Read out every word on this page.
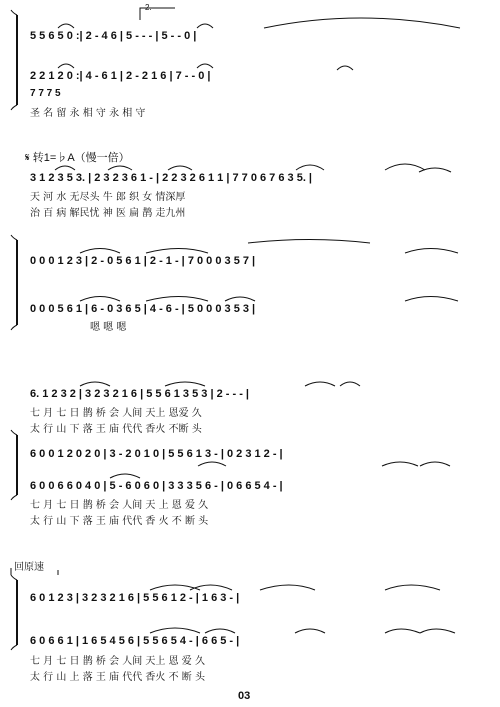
5 5 6 5 0 :| 2 - 4 6 | 5 - - - | 5 - - 0 |
2 2 1 2 0 :| 4 - 6 1 | 2 - 2 1 6 | 7 - - 0 |
7 7 7 5
圣 名 留 永 相 守 永 相 守
2.
𝄋 转1=♭A（慢一倍）
3 1 2 3 5 3. | 2 3 2 3 6 1 - | 2 2 3 2 6 1 1 | 7 7 0 6 7 6 3 5. |
天 河 水 无尽头 牛 郎 织 女 情深厚
治 百 病 解民忧 神 医 扁 鹊 走九州
0 0 0 1 2 3 | 2 - 0 5 6 1 | 2 - 1 - | 7 0 0 0 3 5 7 |
0 0 0 5 6 1 | 6 - 0 3 6 5 | 4 - 6 - | 5 0 0 0 3 5 3 |
嗯 嗯 嗯
6. 1 2 3 2 | 3 2 3 2 1 6 | 5 5 6 1 3 5 3 | 2 - - - |
七 月 七 日 鹊 桥 会 人间 天上 恩爱 久
太 行 山 下 落 王 庙 代代 香火 不断 头
6 0 0 1 2 0 2 0 | 3 - 2 0 1 0 | 5 5 6 1 3 - | 0 2 3 1 2 - |
6 0 0 6 6 0 4 0 | 5 - 6 0 6 0 | 3 3 3 5 6 - | 0 6 6 5 4 - |
七 月 七 日 鹊 桥 会 人间 天 上 恩 爱 久
太 行 山 下 落 王 庙 代代 香 火 不 断 头
回原速
6 0 1 2 3 | 3 2 3 2 1 6 | 5 5 6 1 2 - | 1 6 3 - |
6 0 6 6 1 | 1 6 5 4 5 6 | 5 5 6 5 4 - | 6 6 5 - |
七 月 七 日 鹊 桥 会 人间 天上 恩 爱 久
太 行 山 上 落 王 庙 代代 香火 不 断 头
03
